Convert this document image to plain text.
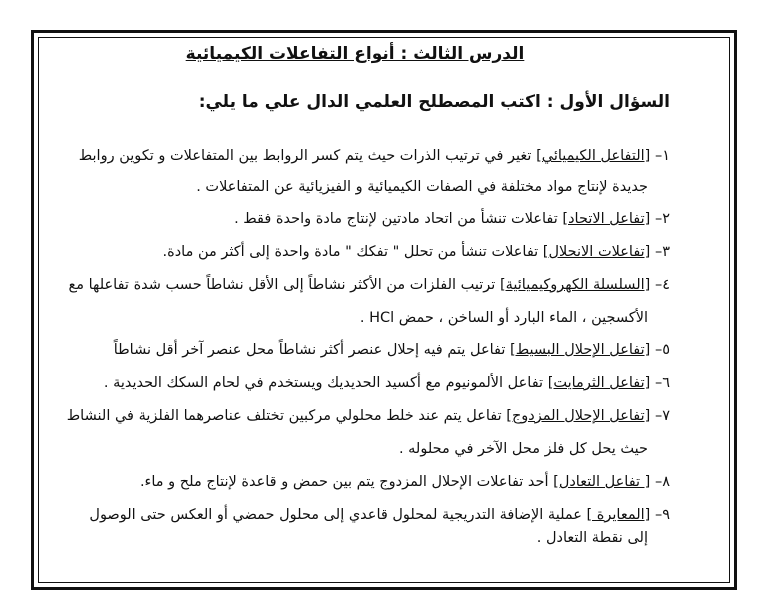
الدرس الثالث : أنواع التفاعلات الكيميائية
السؤال الأول : اكتب المصطلح العلمي الدال علي ما يلي:
١– [التفاعل الكيميائي] تغير في ترتيب الذرات حيث يتم كسر الروابط بين المتفاعلات و تكوين روابط
جديدة لإنتاج مواد مختلفة في الصفات الكيميائية و الفيزيائية عن المتفاعلات .
٢– [تفاعل الاتحاد] تفاعلات تنشأ من اتحاد مادتين لإنتاج مادة واحدة فقط .
٣– [تفاعلات الانحلال] تفاعلات تنشأ من تحلل " تفكك " مادة واحدة إلى أكثر من مادة.
٤– [السلسلة الكهروكيميائية] ترتيب الفلزات من الأكثر نشاطاً إلى الأقل نشاطاً حسب شدة تفاعلها مع
الأكسجين ، الماء البارد أو الساخن ، حمض HCl .
٥– [تفاعل الإحلال البسيط] تفاعل يتم فيه إحلال عنصر أكثر نشاطاً محل عنصر آخر أقل نشاطاً
٦– [تفاعل الثرمايت] تفاعل الألمونيوم مع أكسيد الحديديك ويستخدم في لحام السكك الحديدية .
٧– [تفاعل الإحلال المزدوج] تفاعل يتم عند خلط محلولي مركبين تختلف عناصرهما الفلزية في النشاط
حيث يحل كل فلز محل الآخر في محلوله .
٨– [ تفاعل التعادل] أحد تفاعلات الإحلال المزدوج يتم بين حمض و قاعدة لإنتاج ملح و ماء.
٩– [المعايرة ] عملية الإضافة التدريجية لمحلول قاعدي إلى محلول حمضي أو العكس حتى الوصول
إلى نقطة التعادل .
